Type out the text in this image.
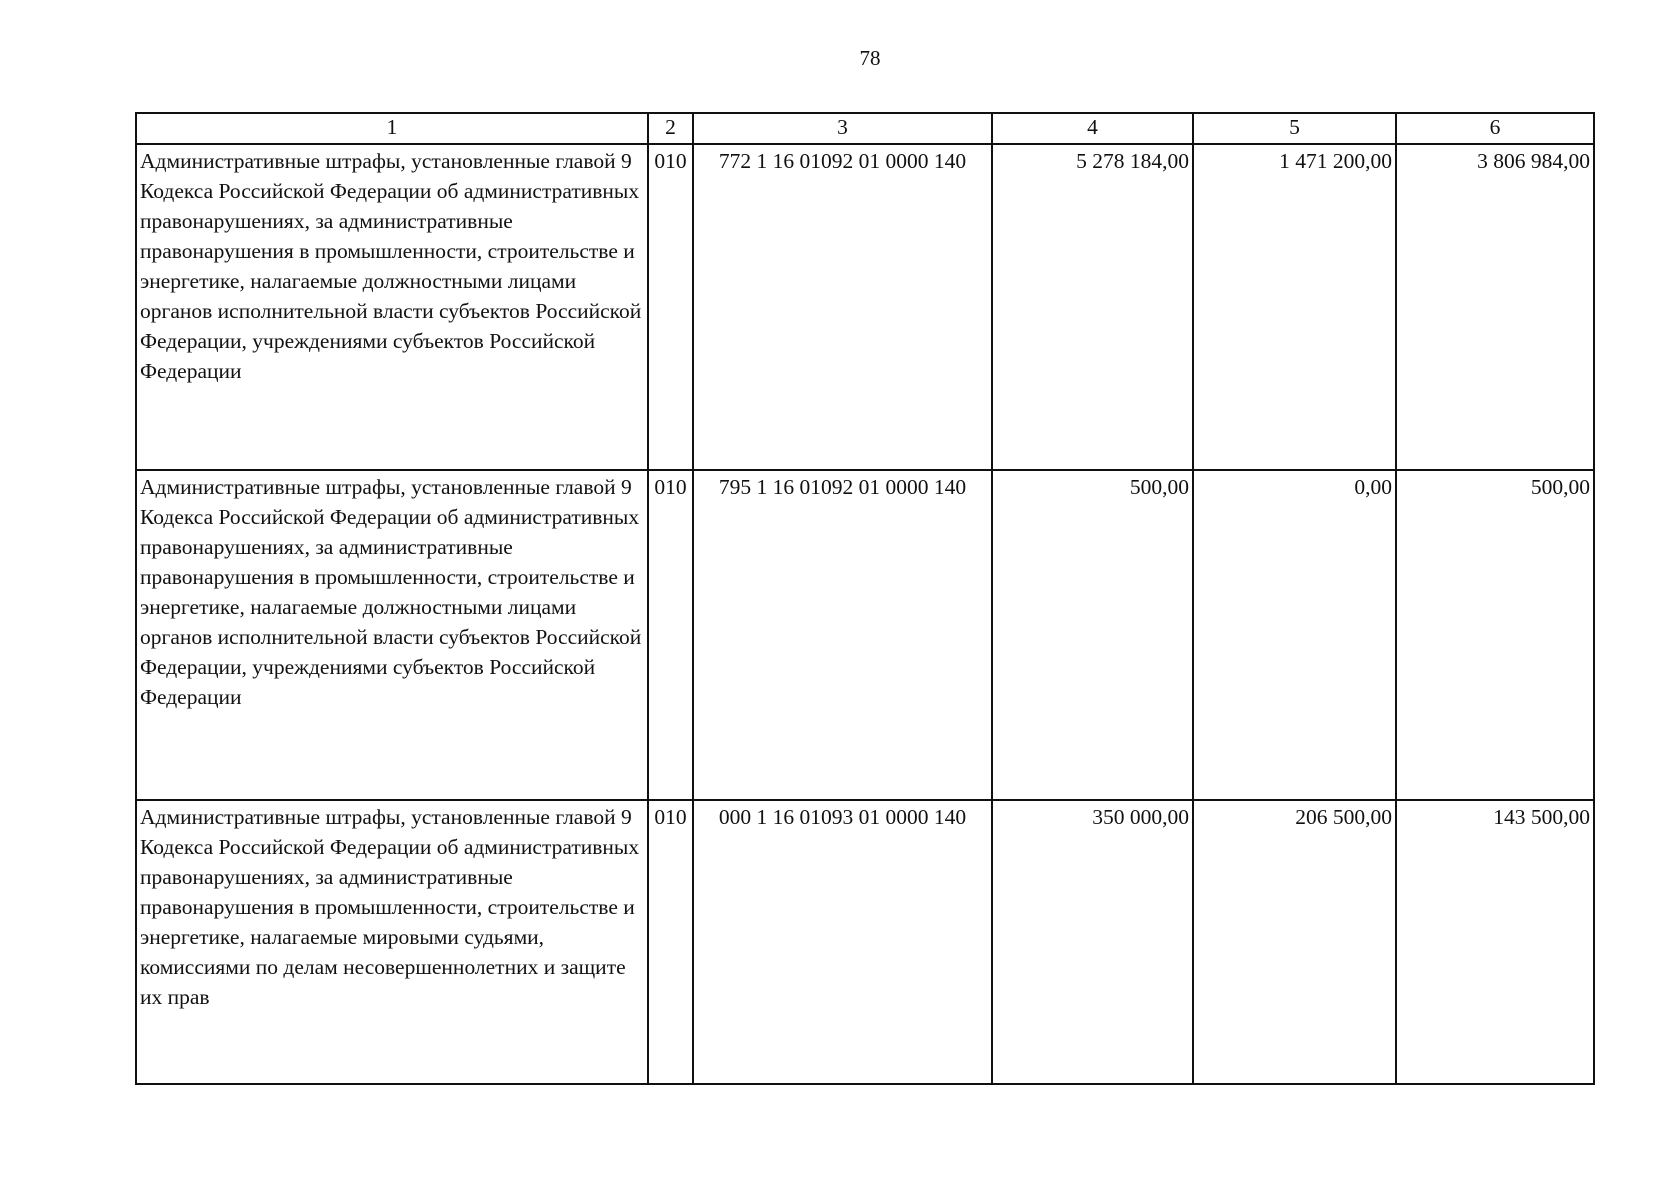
78
1	2	3	4	5	6

Административные штрафы, установленные главой 9 Кодекса Российской Федерации об административных правонарушениях, за административные правонарушения в промышленности, строительстве и энергетике, налагаемые должностными лицами органов исполнительной власти субъектов Российской Федерации, учреждениями субъектов Российской Федерации	010	772 1 16 01092 01 0000 140	5 278 184,00	1 471 200,00	3 806 984,00

Административные штрафы, установленные главой 9 Кодекса Российской Федерации об административных правонарушениях, за административные правонарушения в промышленности, строительстве и энергетике, налагаемые должностными лицами органов исполнительной власти субъектов Российской Федерации, учреждениями субъектов Российской Федерации	010	795 1 16 01092 01 0000 140	500,00	0,00	500,00

Административные штрафы, установленные главой 9 Кодекса Российской Федерации об административных правонарушениях, за административные правонарушения в промышленности, строительстве и энергетике, налагаемые мировыми судьями, комиссиями по делам несовершеннолетних и защите их прав	010	000 1 16 01093 01 0000 140	350 000,00	206 500,00	143 500,00
